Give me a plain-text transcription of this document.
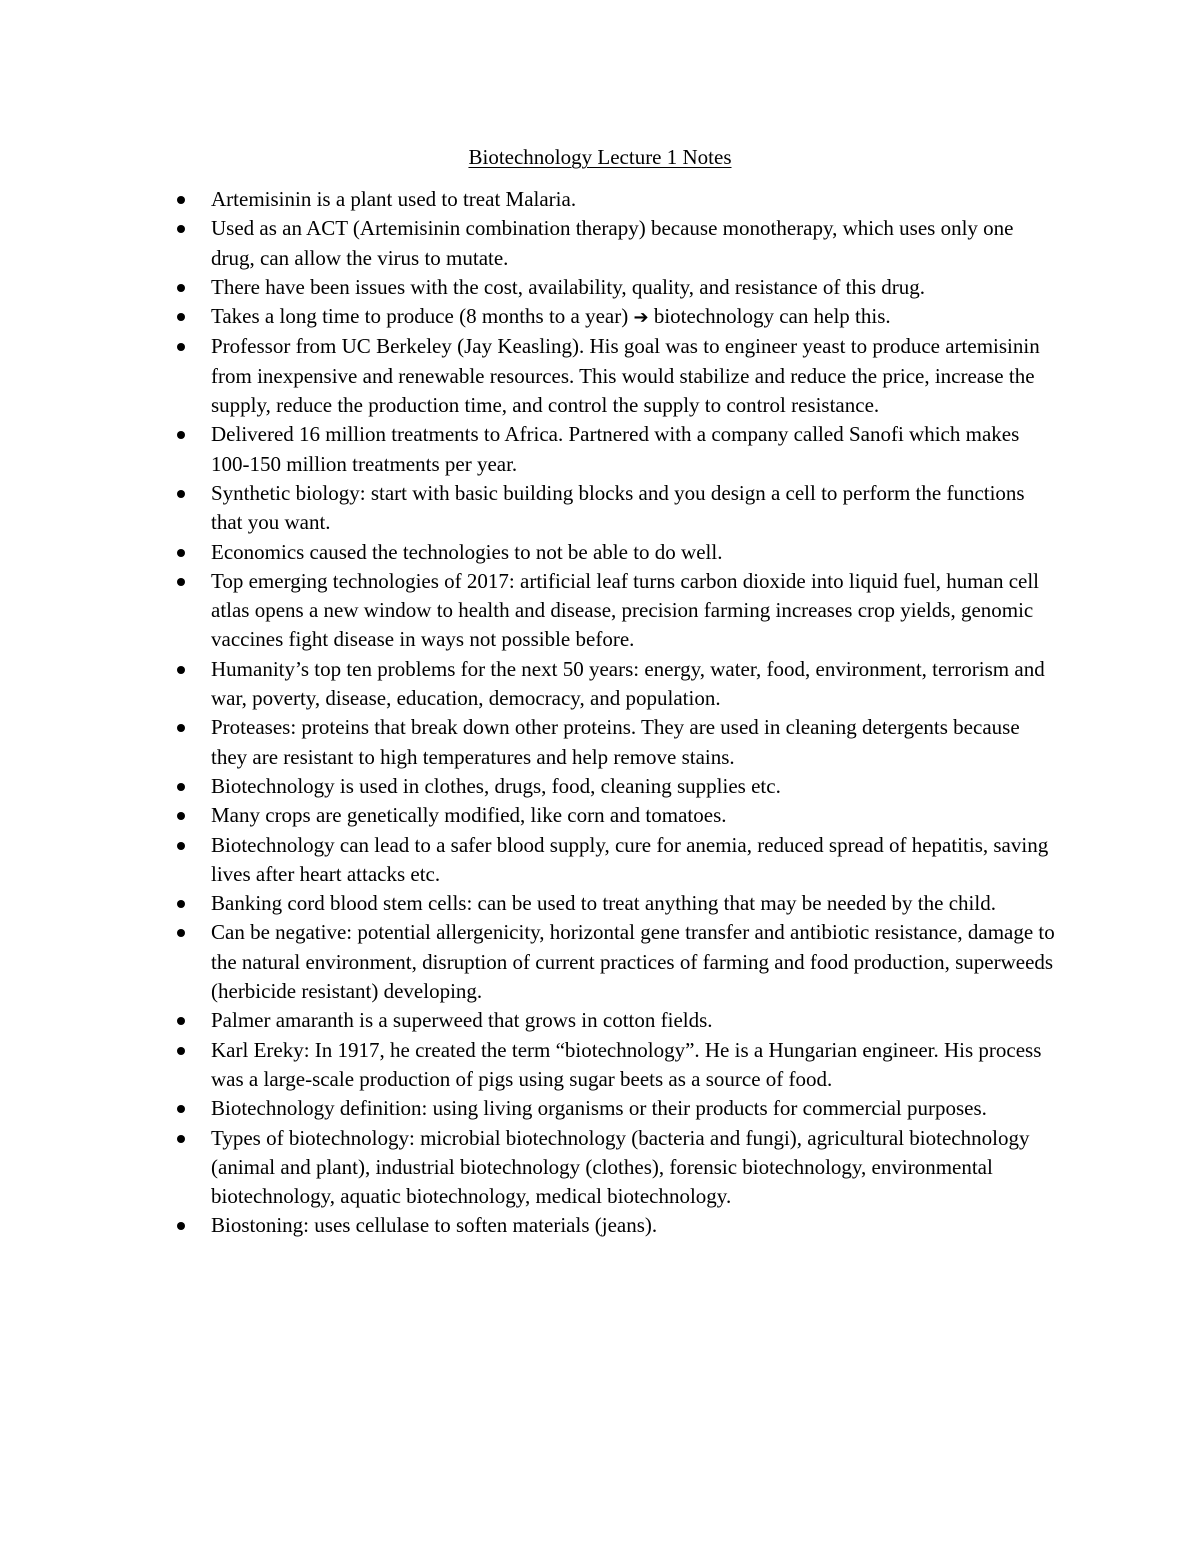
Biotechnology Lecture 1 Notes
Artemisinin is a plant used to treat Malaria.
Used as an ACT (Artemisinin combination therapy) because monotherapy, which uses only one drug, can allow the virus to mutate.
There have been issues with the cost, availability, quality, and resistance of this drug.
Takes a long time to produce (8 months to a year) ➔ biotechnology can help this.
Professor from UC Berkeley (Jay Keasling). His goal was to engineer yeast to produce artemisinin from inexpensive and renewable resources. This would stabilize and reduce the price, increase the supply, reduce the production time, and control the supply to control resistance.
Delivered 16 million treatments to Africa. Partnered with a company called Sanofi which makes 100-150 million treatments per year.
Synthetic biology: start with basic building blocks and you design a cell to perform the functions that you want.
Economics caused the technologies to not be able to do well.
Top emerging technologies of 2017: artificial leaf turns carbon dioxide into liquid fuel, human cell atlas opens a new window to health and disease, precision farming increases crop yields, genomic vaccines fight disease in ways not possible before.
Humanity’s top ten problems for the next 50 years: energy, water, food, environment, terrorism and war, poverty, disease, education, democracy, and population.
Proteases: proteins that break down other proteins. They are used in cleaning detergents because they are resistant to high temperatures and help remove stains.
Biotechnology is used in clothes, drugs, food, cleaning supplies etc.
Many crops are genetically modified, like corn and tomatoes.
Biotechnology can lead to a safer blood supply, cure for anemia, reduced spread of hepatitis, saving lives after heart attacks etc.
Banking cord blood stem cells: can be used to treat anything that may be needed by the child.
Can be negative: potential allergenicity, horizontal gene transfer and antibiotic resistance, damage to the natural environment, disruption of current practices of farming and food production, superweeds (herbicide resistant) developing.
Palmer amaranth is a superweed that grows in cotton fields.
Karl Ereky: In 1917, he created the term “biotechnology”. He is a Hungarian engineer. His process was a large-scale production of pigs using sugar beets as a source of food.
Biotechnology definition: using living organisms or their products for commercial purposes.
Types of biotechnology: microbial biotechnology (bacteria and fungi), agricultural biotechnology (animal and plant), industrial biotechnology (clothes), forensic biotechnology, environmental biotechnology, aquatic biotechnology, medical biotechnology.
Biostoning: uses cellulase to soften materials (jeans).
